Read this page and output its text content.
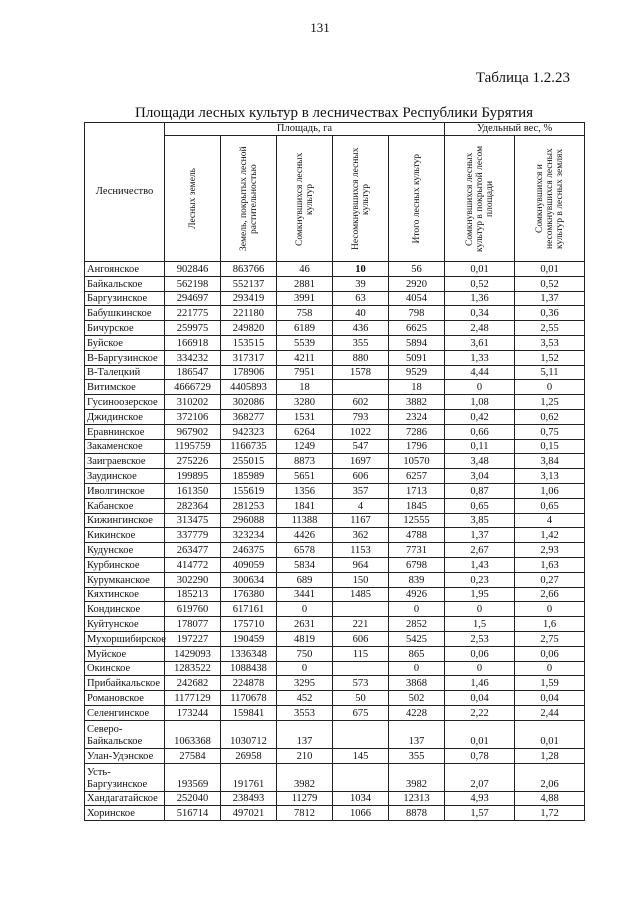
131
Таблица 1.2.23
Площади лесных культур в лесничествах Республики Бурятия
Лесничество	Площадь, га					Удельный вес, %	

	Лесных земель	Земель, покрытых лесной растительностью	Сомкнувшихся лесных культур	Несомкнувшихся лесных культур	Итого лесных культур	Сомкнувшихся лесных культур в покрытой лесом площади	Сомкнувшихся и несомкнувшихся лесных культур в лесных землях

Ангоянское	902846	863766	46	10	56	0,01	0,01
Байкальское	562198	552137	2881	39	2920	0,52	0,52
Баргузинское	294697	293419	3991	63	4054	1,36	1,37
Бабушкинское	221775	221180	758	40	798	0,34	0,36
Бичурское	259975	249820	6189	436	6625	2,48	2,55
Буйское	166918	153515	5539	355	5894	3,61	3,53
В-Баргузинское	334232	317317	4211	880	5091	1,33	1,52
В-Талецкий	186547	178906	7951	1578	9529	4,44	5,11
Витимское	4666729	4405893	18		18	0	0
Гусиноозерское	310202	302086	3280	602	3882	1,08	1,25
Джидинское	372106	368277	1531	793	2324	0,42	0,62
Еравнинское	967902	942323	6264	1022	7286	0,66	0,75
Закаменское	1195759	1166735	1249	547	1796	0,11	0,15
Заиграевское	275226	255015	8873	1697	10570	3,48	3,84
Заудинское	199895	185989	5651	606	6257	3,04	3,13
Иволгинское	161350	155619	1356	357	1713	0,87	1,06
Кабанское	282364	281253	1841	4	1845	0,65	0,65
Кижингинское	313475	296088	11388	1167	12555	3,85	4
Кикинское	337779	323234	4426	362	4788	1,37	1,42
Кудунское	263477	246375	6578	1153	7731	2,67	2,93
Курбинское	414772	409059	5834	964	6798	1,43	1,63
Курумканское	302290	300634	689	150	839	0,23	0,27
Кяхтинское	185213	176380	3441	1485	4926	1,95	2,66
Кондинское	619760	617161	0		0	0	0
Куйтунское	178077	175710	2631	221	2852	1,5	1,6
Мухоршибирское	197227	190459	4819	606	5425	2,53	2,75
Муйское	1429093	1336348	750	115	865	0,06	0,06
Окинское	1283522	1088438	0		0	0	0
Прибайкальское	242682	224878	3295	573	3868	1,46	1,59
Романовское	1177129	1170678	452	50	502	0,04	0,04
Селенгинское	173244	159841	3553	675	4228	2,22	2,44
Северо-Байкальское	1063368	1030712	137		137	0,01	0,01
Улан-Удэнское	27584	26958	210	145	355	0,78	1,28
Усть-Баргузинское	193569	191761	3982		3982	2,07	2,06
Хандагатайское	252040	238493	11279	1034	12313	4,93	4,88
Хоринское	516714	497021	7812	1066	8878	1,57	1,72
